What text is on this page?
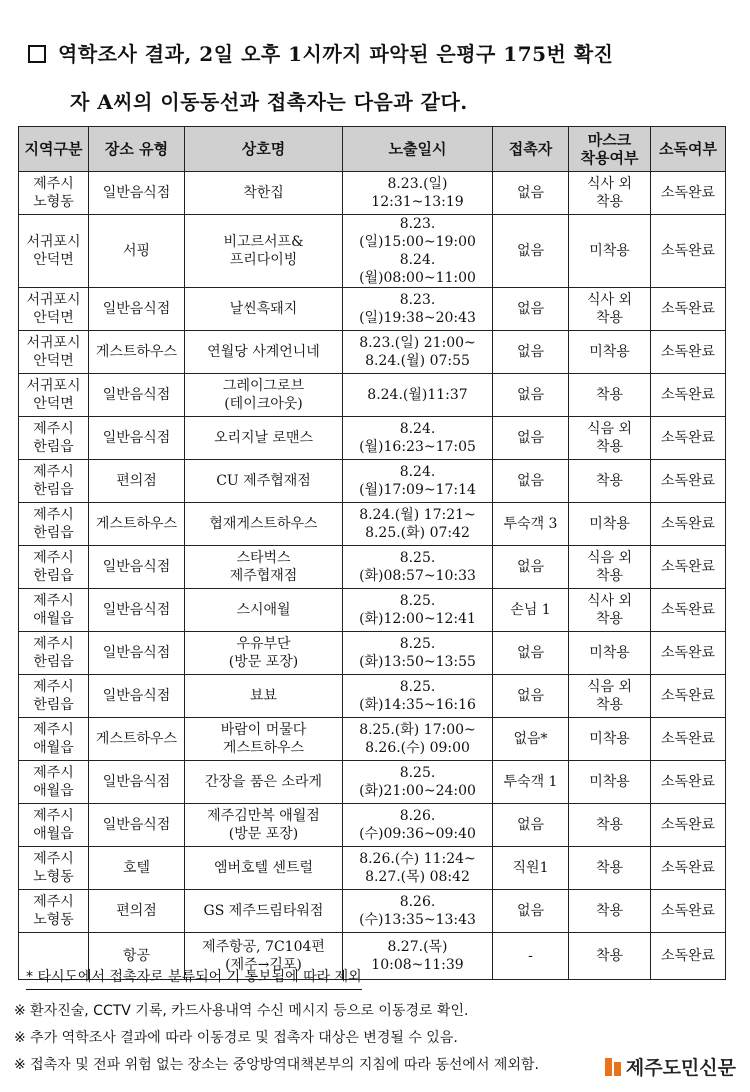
역학조사 결과, 2일 오후 1시까지 파악된 은평구 175번 확진
자 A씨의 이동동선과 접촉자는 다음과 같다.
지역구분	장소 유형	상호명	노출일시	접촉자	마스크
착용여부	소독여부
제주시
노형동	일반음식점	착한집	8.23.(일) 12:31~13:19	없음	식사 외
착용	소독완료
서귀포시
안덕면	서핑	비고르서프&
프리다이빙	8.23.(일)15:00~19:00
8.24.(월)08:00~11:00	없음	미착용	소독완료
서귀포시
안덕면	일반음식점	날씬흑돼지	8.23.(일)19:38~20:43	없음	식사 외
착용	소독완료
서귀포시
안덕면	게스트하우스	연월당 사계언니네	8.23.(일) 21:00~
8.24.(월) 07:55	없음	미착용	소독완료
서귀포시
안덕면	일반음식점	그레이그로브
(테이크아웃)	8.24.(월)11:37	없음	착용	소독완료
제주시
한림읍	일반음식점	오리지날 로맨스	8.24.(월)16:23~17:05	없음	식음 외
착용	소독완료
제주시
한림읍	편의점	CU 제주협재점	8.24.(월)17:09~17:14	없음	착용	소독완료
제주시
한림읍	게스트하우스	협재게스트하우스	8.24.(월) 17:21~
8.25.(화) 07:42	투숙객 3	미착용	소독완료
제주시
한림읍	일반음식점	스타벅스
제주협재점	8.25.(화)08:57~10:33	없음	식음 외
착용	소독완료
제주시
애월읍	일반음식점	스시애월	8.25.(화)12:00~12:41	손님 1	식사 외
착용	소독완료
제주시
한림읍	일반음식점	우유부단
(방문 포장)	8.25.(화)13:50~13:55	없음	미착용	소독완료
제주시
한림읍	일반음식점	뵤뵤	8.25.(화)14:35~16:16	없음	식음 외
착용	소독완료
제주시
애월읍	게스트하우스	바람이 머물다
게스트하우스	8.25.(화) 17:00~
8.26.(수) 09:00	없음*	미착용	소독완료
제주시
애월읍	일반음식점	간장을 품은 소라게	8.25.(화)21:00~24:00	투숙객 1	미착용	소독완료
제주시
애월읍	일반음식점	제주김만복 애월점
(방문 포장)	8.26.(수)09:36~09:40	없음	착용	소독완료
제주시
노형동	호텔	엠버호텔 센트럴	8.26.(수) 11:24~
8.27.(목) 08:42	직원1	착용	소독완료
제주시
노형동	편의점	GS 제주드림타워점	8.26.(수)13:35~13:43	없음	착용	소독완료
	항공	제주항공, 7C104편
(제주→김포)	8.27.(목) 10:08~11:39	-	착용	소독완료
* 타시도에서 접촉자로 분류되어 기 통보됨에 따라 제외
※ 환자진술, CCTV 기록, 카드사용내역 수신 메시지 등으로 이동경로 확인.
※ 추가 역학조사 결과에 따라 이동경로 및 접촉자 대상은 변경될 수 있음.
※ 접촉자 및 전파 위험 없는 장소는 중앙방역대책본부의 지침에 따라 동선에서 제외함.	제주도민신문
